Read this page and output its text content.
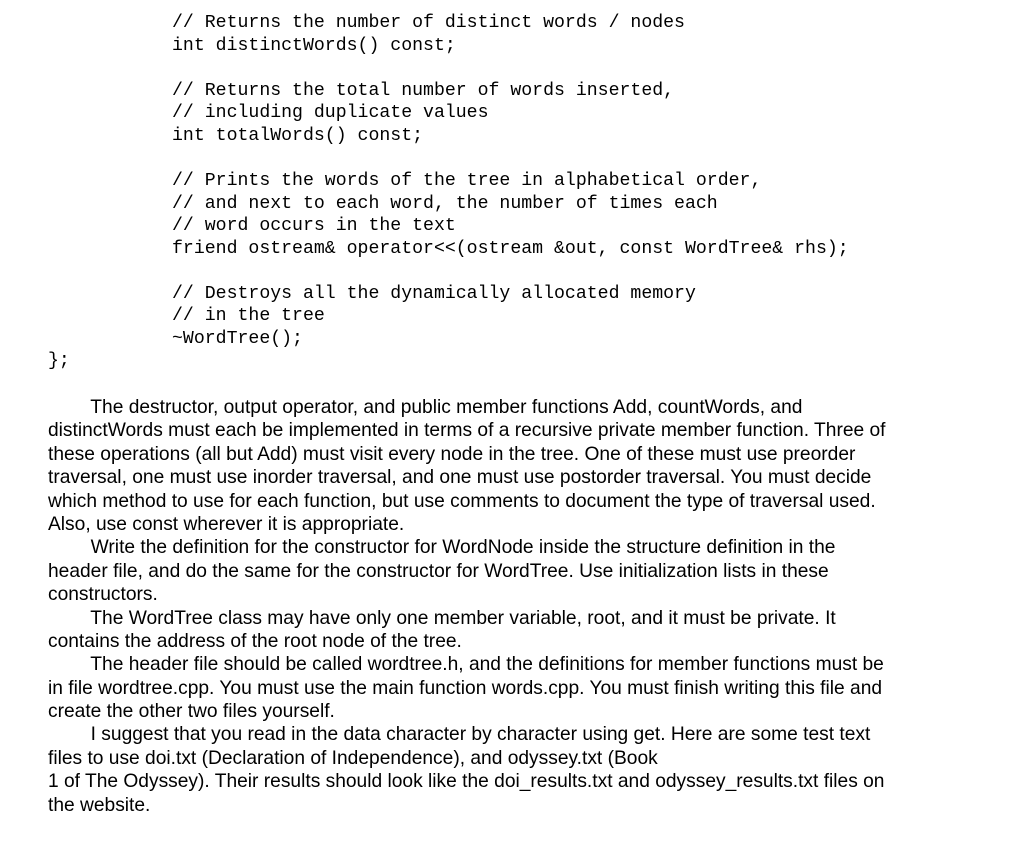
// Returns the number of distinct words / nodes

int distinctWords() const;

// Returns the total number of words inserted,

// including duplicate values

int totalWords() const;

// Prints the words of the tree in alphabetical order,

// and next to each word, the number of times each

// word occurs in the text

friend ostream& operator<<(ostream &out, const WordTree& rhs);

// Destroys all the dynamically allocated memory

// in the tree

~WordTree();

};

The destructor, output operator, and public member functions Add, countWords, and
distinctWords must each be implemented in terms of a recursive private member function. Three of
these operations (all but Add) must visit every node in the tree. One of these must use preorder
traversal, one must use inorder traversal, and one must use postorder traversal. You must decide
which method to use for each function, but use comments to document the type of traversal used.
Also, use const wherever it is appropriate.
Write the definition for the constructor for WordNode inside the structure definition in the
header file, and do the same for the constructor for WordTree. Use initialization lists in these
constructors.
The WordTree class may have only one member variable, root, and it must be private. It
contains the address of the root node of the tree.
The header file should be called wordtree.h, and the definitions for member functions must be
in file wordtree.cpp. You must use the main function words.cpp. You must finish writing this file and
create the other two files yourself.
I suggest that you read in the data character by character using get. Here are some test text
files to use doi.txt (Declaration of Independence), and odyssey.txt (Book
1 of The Odyssey). Their results should look like the doi_results.txt and odyssey_results.txt files on
the website.
